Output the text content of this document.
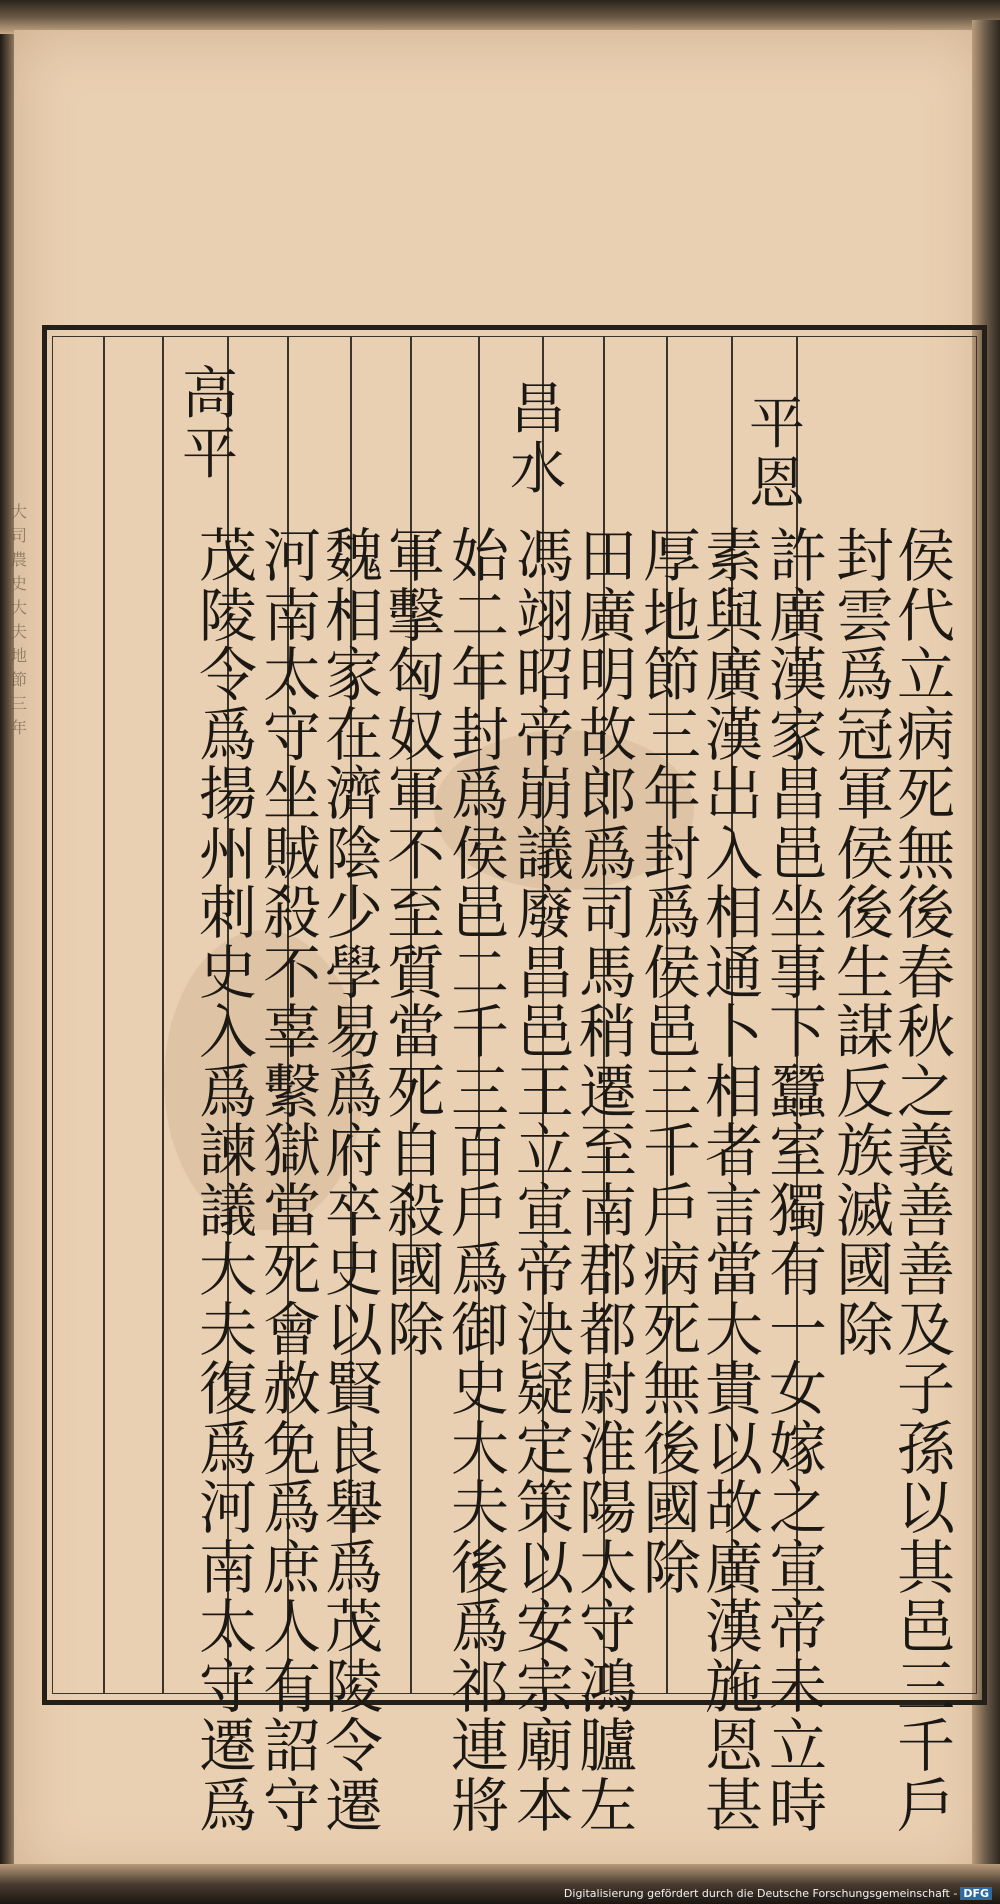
大
司
農
史
大
夫
地
節
三
年
平
恩
昌
水
高
平
侯
代
立
病
死
無
後
春
秋
之
義
善
善
及
子
孫
以
其
邑
三
千
戶
封
雲
爲
冠
軍
侯
後
生
謀
反
族
滅
國
除
許
廣
漢
家
昌
邑
坐
事
下
蠶
室
獨
有
一
女
嫁
之
宣
帝
未
立
時
素
與
廣
漢
出
入
相
通
卜
相
者
言
當
大
貴
以
故
廣
漢
施
恩
甚
厚
地
節
三
年
封
爲
侯
邑
三
千
戶
病
死
無
後
國
除
田
廣
明
故
郎
爲
司
馬
稍
遷
至
南
郡
都
尉
淮
陽
太
守
鴻
臚
左
馮
翊
昭
帝
崩
議
廢
昌
邑
王
立
宣
帝
決
疑
定
策
以
安
宗
廟
本
始
二
年
封
爲
侯
邑
二
千
三
百
戶
爲
御
史
大
夫
後
爲
祁
連
將
軍
擊
匈
奴
軍
不
至
質
當
死
自
殺
國
除
魏
相
家
在
濟
陰
少
學
易
爲
府
卒
史
以
賢
良
舉
爲
茂
陵
令
遷
河
南
太
守
坐
賊
殺
不
辜
繫
獄
當
死
會
赦
免
爲
庶
人
有
詔
守
茂
陵
令
爲
揚
州
刺
史
入
爲
諫
議
大
夫
復
爲
河
南
太
守
遷
爲
Digitalisierung gefördert durch die Deutsche Forschungsgemeinschaft - DFG
